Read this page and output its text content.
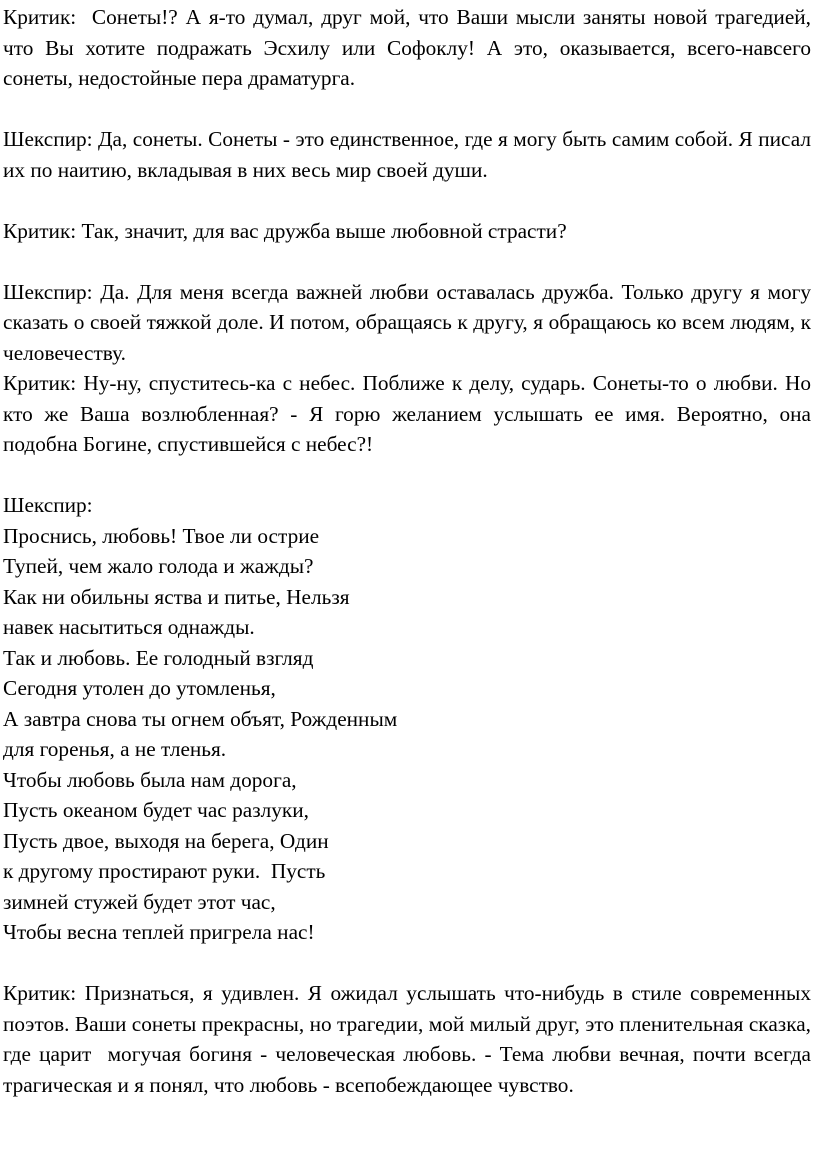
Критик:  Сонеты!? А я-то думал, друг мой, что Ваши мысли заняты новой трагедией, что Вы хотите подражать Эсхилу или Софоклу! А это, оказывается, всего-навсего сонеты, недостойные пера драматурга.

Шекспир: Да, сонеты. Сонеты - это единственное, где я могу быть самим собой. Я писал их по наитию, вкладывая в них весь мир своей души.

Критик: Так, значит, для вас дружба выше любовной страсти?

Шекспир: Да. Для меня всегда важней любви оставалась дружба. Только другу я могу сказать о своей тяжкой доле. И потом, обращаясь к другу, я обращаюсь ко всем людям, к человечеству.

Критик: Ну-ну, спуститесь-ка с небес. Поближе к делу, сударь. Сонеты-то о любви. Но кто же Ваша возлюбленная? - Я горю желанием услышать ее имя. Вероятно, она подобна Богине, спустившейся с небес?!

Шекспир:
Проснись, любовь! Твое ли острие
Тупей, чем жало голода и жажды?
Как ни обильны яства и питье, Нельзя
навек насытиться однажды.
Так и любовь. Ее голодный взгляд
Сегодня утолен до утомленья,
А завтра снова ты огнем объят, Рожденным
для горенья, а не тленья.
Чтобы любовь была нам дорога,
Пусть океаном будет час разлуки,
Пусть двое, выходя на берега, Один
к другому простирают руки.  Пусть
зимней стужей будет этот час,
Чтобы весна теплей пригрела нас!

Критик: Признаться, я удивлен. Я ожидал услышать что-нибудь в стиле современных поэтов. Ваши сонеты прекрасны, но трагедии, мой милый друг, это пленительная сказка, где царит  могучая богиня - человеческая любовь. - Тема любви вечная, почти всегда трагическая и я понял, что любовь - всепобеждающее чувство.
